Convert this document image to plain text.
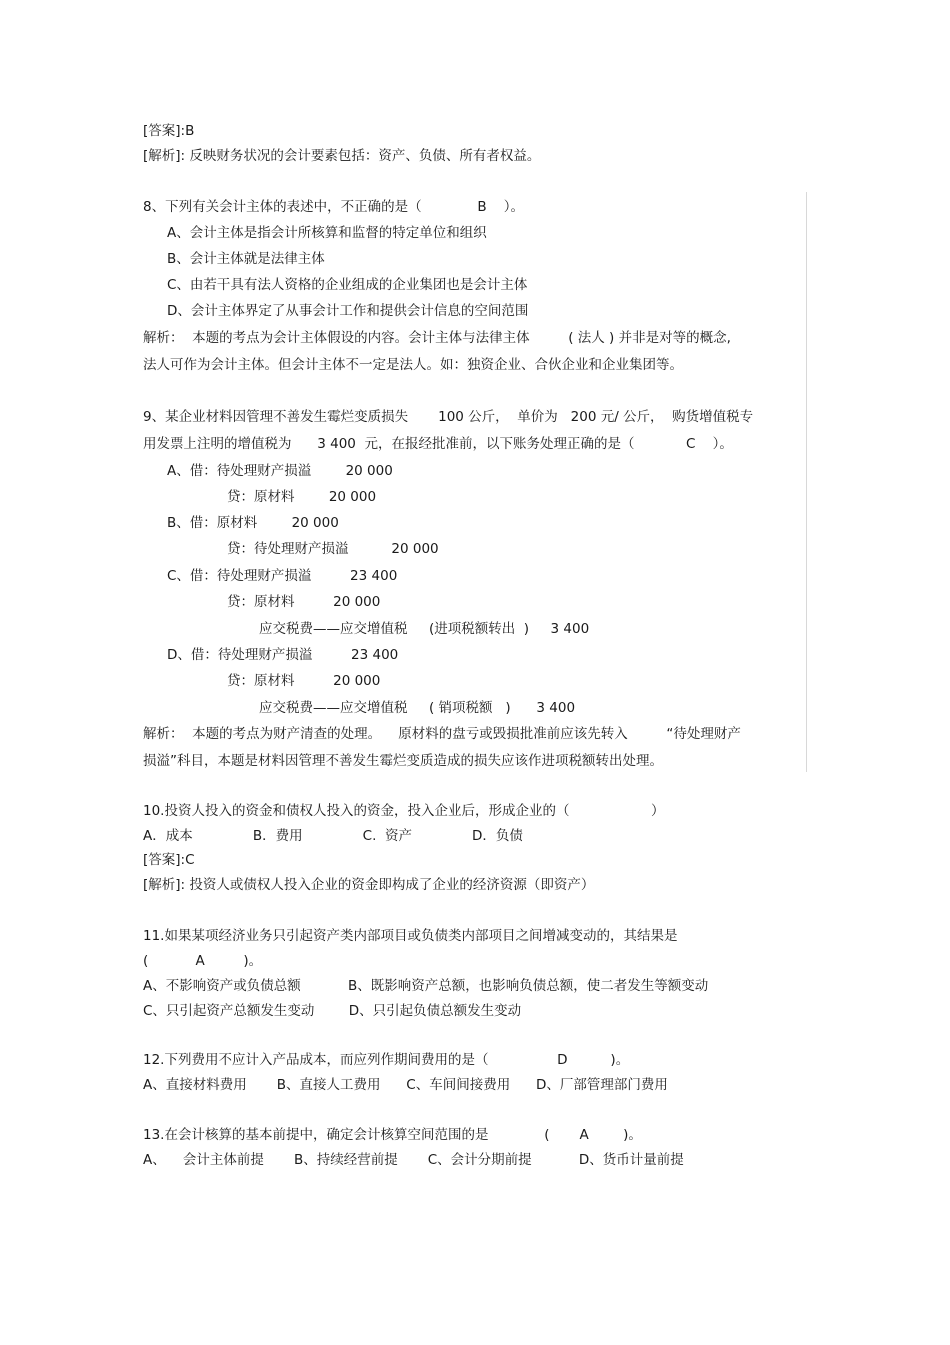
[答案]:B
[解析]: 反映财务状况的会计要素包括：资产、负债、所有者权益。
8、下列有关会计主体的表述中，不正确的是（             B    ）。
A、会计主体是指会计所核算和监督的特定单位和组织
B、会计主体就是法律主体
C、由若干具有法人资格的企业组成的企业集团也是会计主体
D、会计主体界定了从事会计工作和提供会计信息的空间范围
解析：  本题的考点为会计主体假设的内容。会计主体与法律主体         ( 法人 ) 并非是对等的概念,
法人可作为会计主体。但会计主体不一定是法人。如：独资企业、合伙企业和企业集团等。
9、某企业材料因管理不善发生霉烂变质损失       100 公斤，  单价为   200 元/ 公斤，  购货增值税专
用发票上注明的增值税为      3 400  元，在报经批准前，以下账务处理正确的是（            C    ）。
A、借：待处理财产损溢        20 000
贷：原材料        20 000
B、借：原材料        20 000
贷：待处理财产损溢          20 000
C、借：待处理财产损溢         23 400
贷：原材料         20 000
应交税费——应交增值税     (进项税额转出  )     3 400
D、借：待处理财产损溢         23 400
贷：原材料         20 000
应交税费——应交增值税     ( 销项税额   )      3 400
解析：  本题的考点为财产清查的处理。    原材料的盘亏或毁损批准前应该先转入         “待处理财产
损溢”科目，本题是材料因管理不善发生霉烂变质造成的损失应该作进项税额转出处理。
10.投资人投入的资金和债权人投入的资金，投入企业后，形成企业的（                   ）
A．成本              B．费用              C.  资产              D．负债
[答案]:C
[解析]: 投资人或债权人投入企业的资金即构成了企业的经济资源（即资产）
11.如果某项经济业务只引起资产类内部项目或负债类内部项目之间增减变动的，其结果是
(           A         )。
A、不影响资产或负债总额           B、既影响资产总额，也影响负债总额，使二者发生等额变动
C、只引起资产总额发生变动        D、只引起负债总额发生变动
12.下列费用不应计入产品成本，而应列作期间费用的是（                D          )。
A、直接材料费用       B、直接人工费用      C、车间间接费用      D、厂部管理部门费用
13.在会计核算的基本前提中，确定会计核算空间范围的是             (       A        )。
A、    会计主体前提       B、持续经营前提       C、会计分期前提           D、货币计量前提
